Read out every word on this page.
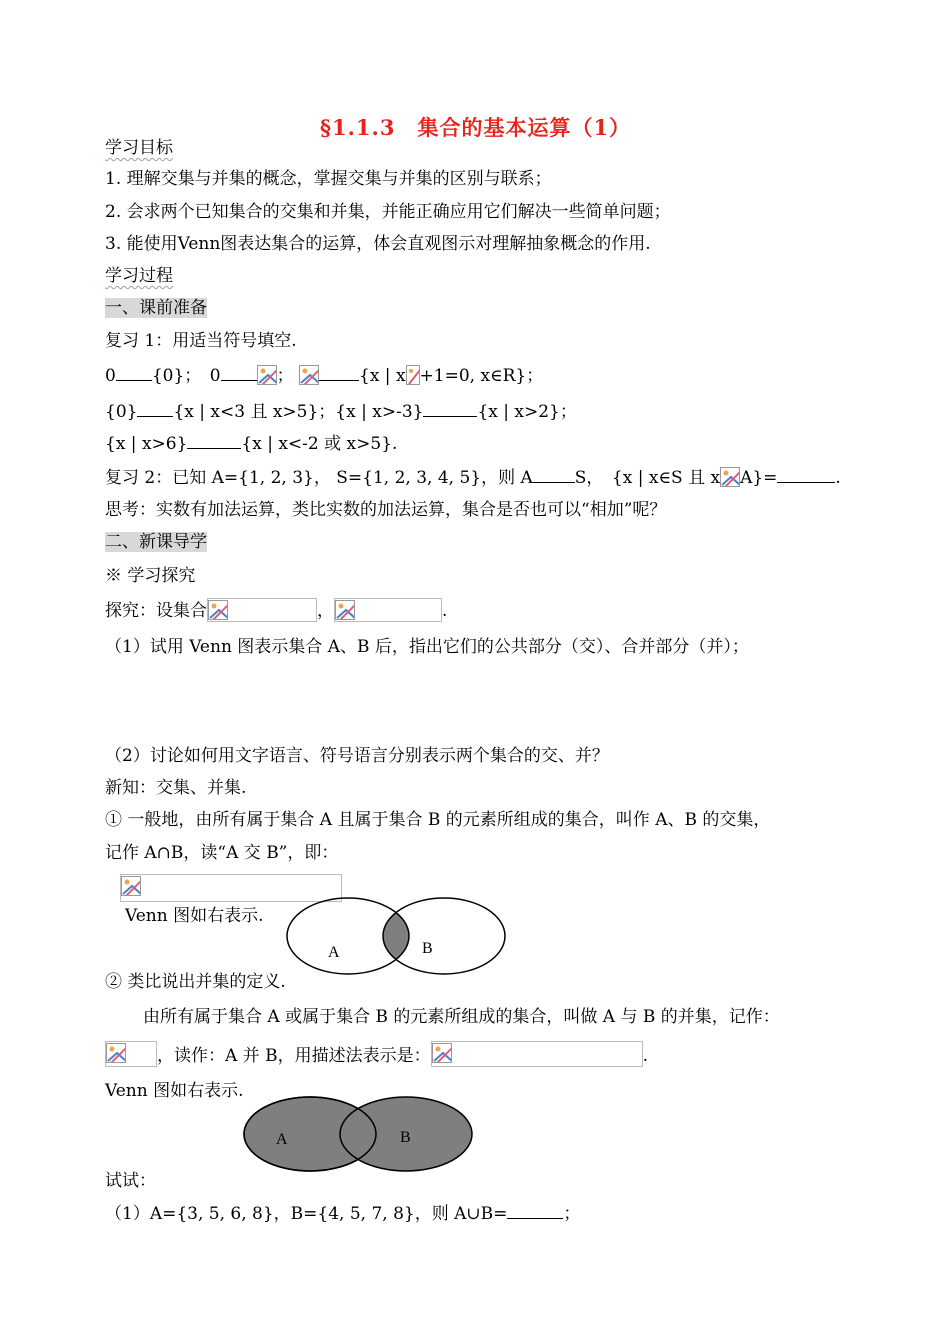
§1.1.3　集合的基本运算（1）
学习目标
1. 理解交集与并集的概念，掌握交集与并集的区别与联系；
2. 会求两个已知集合的交集和并集，并能正确应用它们解决一些简单问题；
3. 能使用Venn图表达集合的运算，体会直观图示对理解抽象概念的作用.
学习过程
一、课前准备
复习 1：用适当符号填空.
0 {0}；　0	；	{x | x +1=0, x∈R}；
{0} {x | x<3 且 x>5}；{x | x>-3}	{x | x>2}；
{x | x>6}	{x | x<-2 或 x>5}.
复习 2：已知 A={1, 2, 3}， S={1, 2, 3, 4, 5}，则 A S，　{x | x∈S 且 x A}=	.
思考：实数有加法运算，类比实数的加法运算，集合是否也可以“相加”呢？
二、新课导学
※ 学习探究
探究：设集合	，	.
（1）试用 Venn 图表示集合 A、B 后，指出它们的公共部分（交）、合并部分（并）；
（2）讨论如何用文字语言、符号语言分别表示两个集合的交、并？
新知：交集、并集.
① 一般地，由所有属于集合 A 且属于集合 B 的元素所组成的集合，叫作 A、B 的交集，
记作 A∩B，读“A 交 B”，即：
Venn 图如右表示.
A	B
② 类比说出并集的定义.
由所有属于集合 A 或属于集合 B 的元素所组成的集合，叫做 A 与 B 的并集，记作：
，读作：A 并 B，用描述法表示是：	.
Venn 图如右表示.
A	B
试试：
（1）A={3, 5, 6, 8}，B={4, 5, 7, 8}，则 A∪B=	；
